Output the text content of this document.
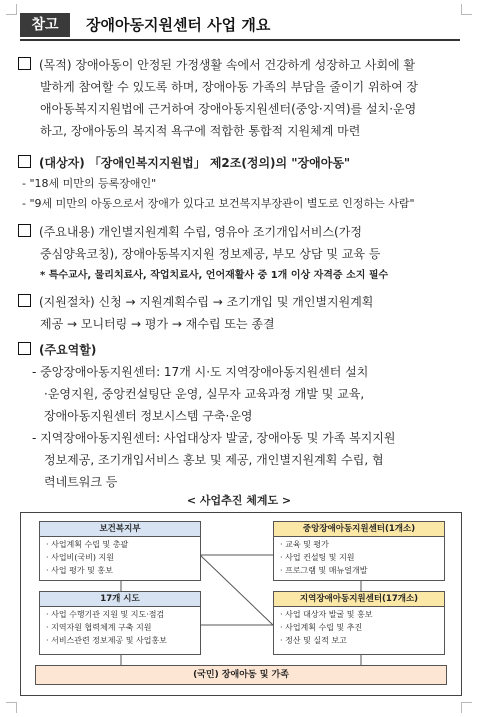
참고	장애아동지원센터 사업 개요
(목적) 장애아동이 안정된 가정생활 속에서 건강하게 성장하고 사회에 활
발하게 참여할 수 있도록 하며, 장애아동 가족의 부담을 줄이기 위하여 장
애아동복지지원법에 근거하여 장애아동지원센터(중앙·지역)를 설치·운영
하고, 장애아동의 복지적 욕구에 적합한 통합적 지원체계 마련
(대상자) 「장애인복지지원법」 제2조(정의)의 "장애아동"
- "18세 미만의 등록장애인"
- "9세 미만의 아동으로서 장애가 있다고 보건복지부장관이 별도로 인정하는 사람"
(주요내용) 개인별지원계획 수립, 영유아 조기개입서비스(가정
중심양육코칭), 장애아동복지지원 정보제공, 부모 상담 및 교육 등
* 특수교사, 물리치료사, 작업치료사, 언어재활사 중 1개 이상 자격증 소지 필수
(지원절차) 신청 → 지원계획수립 → 조기개입 및 개인별지원계획
제공 → 모니터링 → 평가 → 재수립 또는 종결
(주요역할)
- 중앙장애아동지원센터: 17개 시·도 지역장애아동지원센터 설치
·운영지원, 중앙컨설팅단 운영, 실무자 교육과정 개발 및 교육,
장애아동지원센터 정보시스템 구축·운영
- 지역장애아동지원센터: 사업대상자 발굴, 장애아동 및 가족 복지지원
정보제공, 조기개입서비스 홍보 및 제공, 개인별지원계획 수립, 협
력네트워크 등
< 사업추진 체계도 >
보건복지부
· 사업계획 수립 및 총괄
· 사업비(국비) 지원
· 사업 평가 및 홍보
중앙장애아동지원센터(1개소)
· 교육 및 평가
· 사업 컨설팅 및 지원
· 프로그램 및 매뉴얼개발
17개 시도
· 사업 수행기관 지원 및 지도·점검
· 지역자원 협력체계 구축 지원
· 서비스관련 정보제공 및 사업홍보
지역장애아동지원센터(17개소)
· 사업 대상자 발굴 및 홍보
· 사업계획 수립 및 추진
· 정산 및 실적 보고
(국민) 장애아동 및 가족
